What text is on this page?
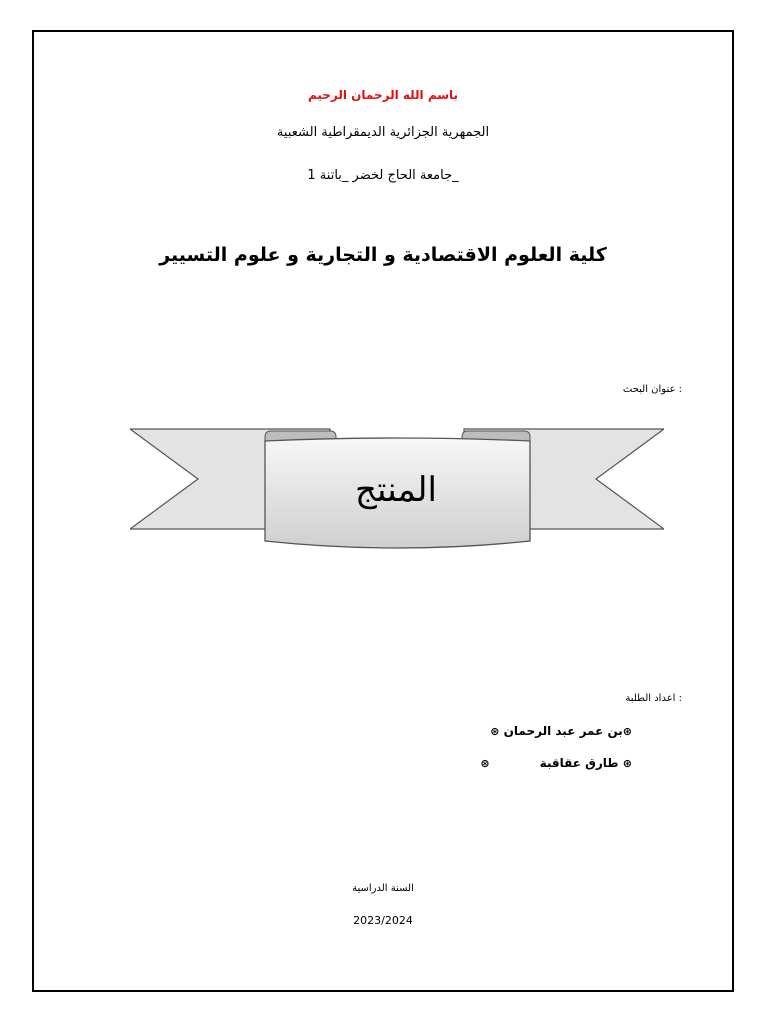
باسم الله الرحمان الرحيم
الجمهرية الجزائرية الديمقراطية الشعبية
_جامعة الحاج لخضر _باتنة 1
كلية العلوم الاقتصادية و التجارية و علوم التسيير
: عنوان البحث
المنتج
: اعداد الطلبة
⊛بن عمر عبد الرحمان ⊛
⊛ طارق عقاقبة⊛
السنة الدراسية
2023/2024
